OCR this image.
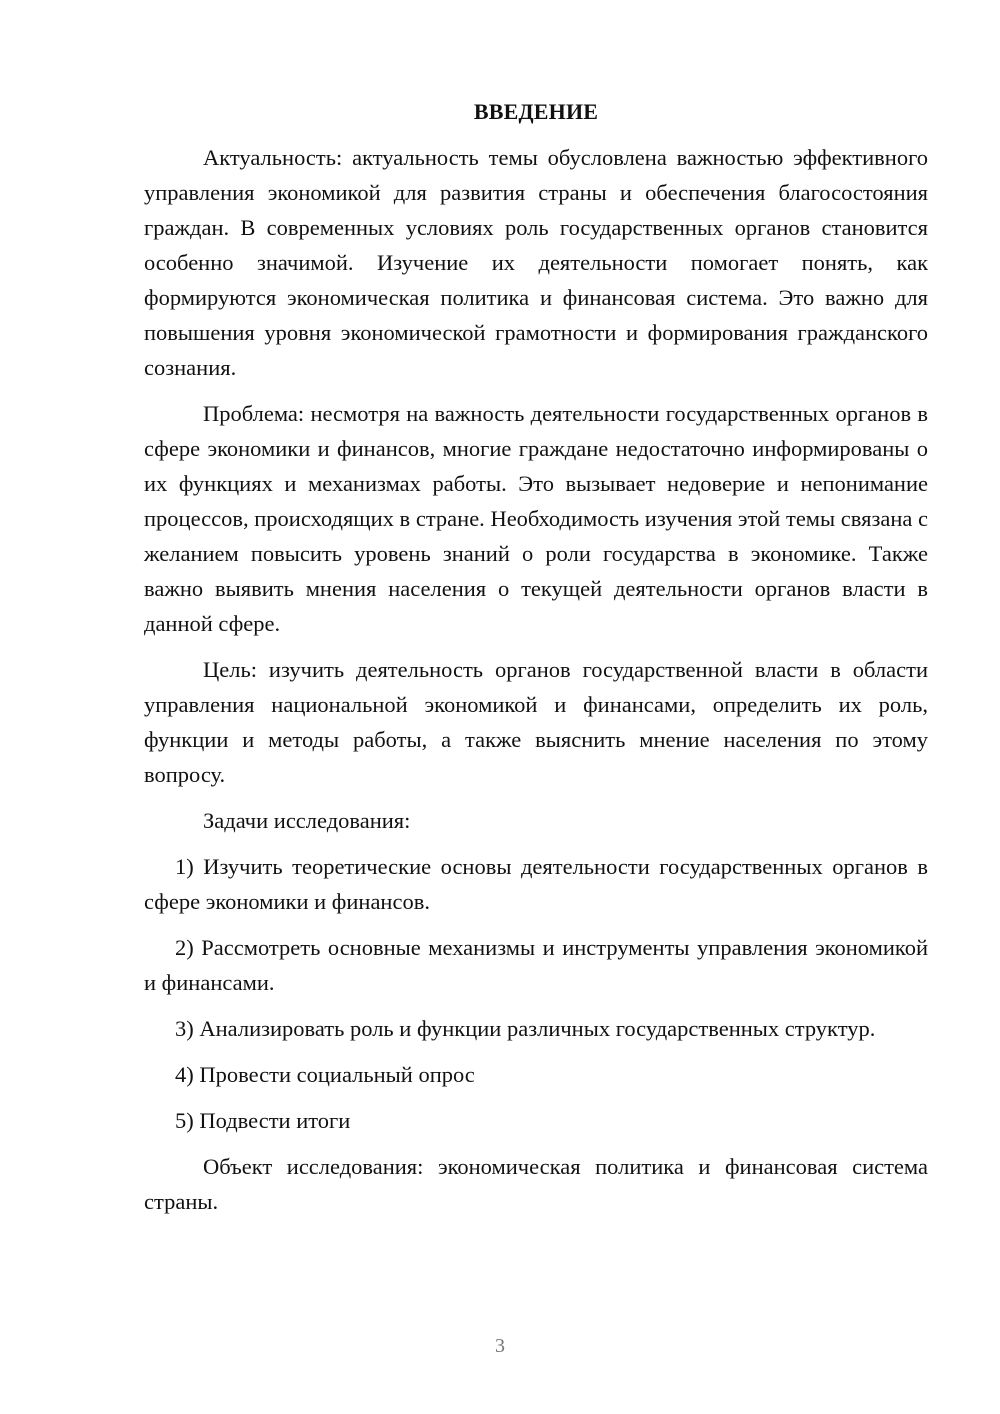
ВВЕДЕНИЕ

Актуальность: актуальность темы обусловлена важностью эффективного управления экономикой для развития страны и обеспечения благосостояния граждан. В современных условиях роль государственных органов становится особенно значимой. Изучение их деятельности помогает понять, как формируются экономическая политика и финансовая система. Это важно для повышения уровня экономической грамотности и формирования гражданского сознания.

Проблема: несмотря на важность деятельности государственных органов в сфере экономики и финансов, многие граждане недостаточно информированы о их функциях и механизмах работы. Это вызывает недоверие и непонимание процессов, происходящих в стране. Необходимость изучения этой темы связана с желанием повысить уровень знаний о роли государства в экономике. Также важно выявить мнения населения о текущей деятельности органов власти в данной сфере.

Цель: изучить деятельность органов государственной власти в области управления национальной экономикой и финансами, определить их роль, функции и методы работы, а также выяснить мнение населения по этому вопросу.

Задачи исследования:

1) Изучить теоретические основы деятельности государственных органов в сфере экономики и финансов.

2) Рассмотреть основные механизмы и инструменты управления экономикой и финансами.

3) Анализировать роль и функции различных государственных структур.

4) Провести социальный опрос

5) Подвести итоги

Объект исследования: экономическая политика и финансовая система страны.

3
